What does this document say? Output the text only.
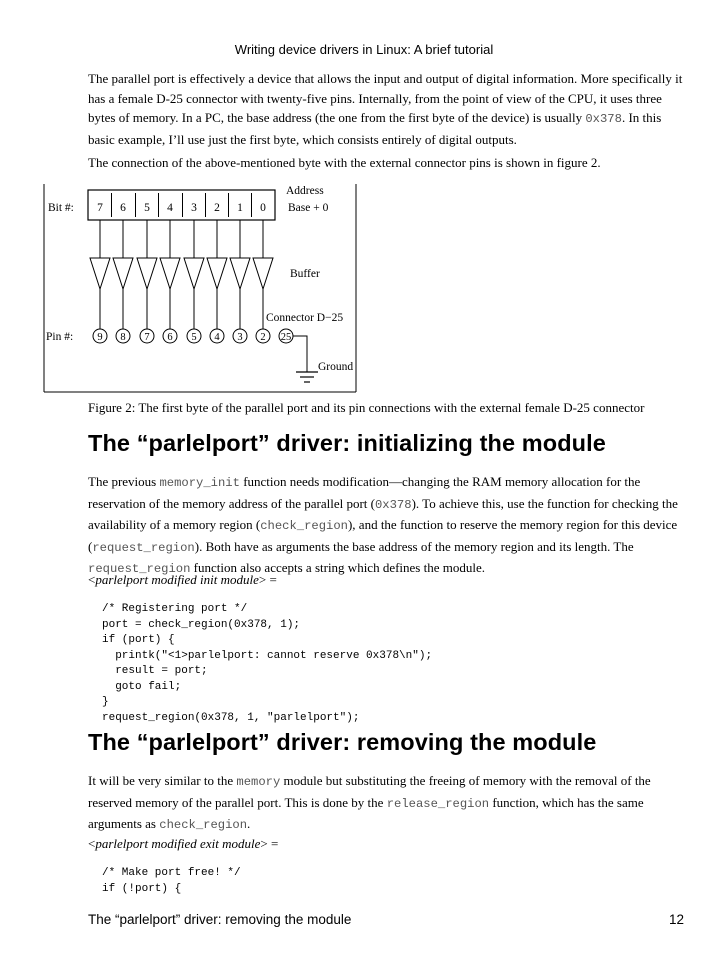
Writing device drivers in Linux: A brief tutorial
The parallel port is effectively a device that allows the input and output of digital information. More specifically it has a female D-25 connector with twenty-five pins. Internally, from the point of view of the CPU, it uses three bytes of memory. In a PC, the base address (the one from the first byte of the device) is usually 0x378. In this basic example, I’ll use just the first byte, which consists entirely of digital outputs.
The connection of the above-mentioned byte with the external connector pins is shown in figure 2.
Bit #:
Address
Base + 0
Buffer
Connector D−25
Pin #:
Ground
7 6 5 4 3 2 1 0
9 8 7 6 5 4 3 2 25
Figure 2: The first byte of the parallel port and its pin connections with the external female D-25 connector
The “parlelport” driver: initializing the module
The previous memory_init function needs modification—changing the RAM memory allocation for the reservation of the memory address of the parallel port (0x378). To achieve this, use the function for checking the availability of a memory region (check_region), and the function to reserve the memory region for this device (request_region). Both have as arguments the base address of the memory region and its length. The request_region function also accepts a string which defines the module.
<parlelport modified init module> =
/* Registering port */
port = check_region(0x378, 1);
if (port) {
printk("<1>parlelport: cannot reserve 0x378\n");
result = port;
goto fail;
}
request_region(0x378, 1, "parlelport");
The “parlelport” driver: removing the module
It will be very similar to the memory module but substituting the freeing of memory with the removal of the reserved memory of the parallel port. This is done by the release_region function, which has the same arguments as check_region.
<parlelport modified exit module> =
/* Make port free! */
if (!port) {
The “parlelport” driver: removing the module	12
